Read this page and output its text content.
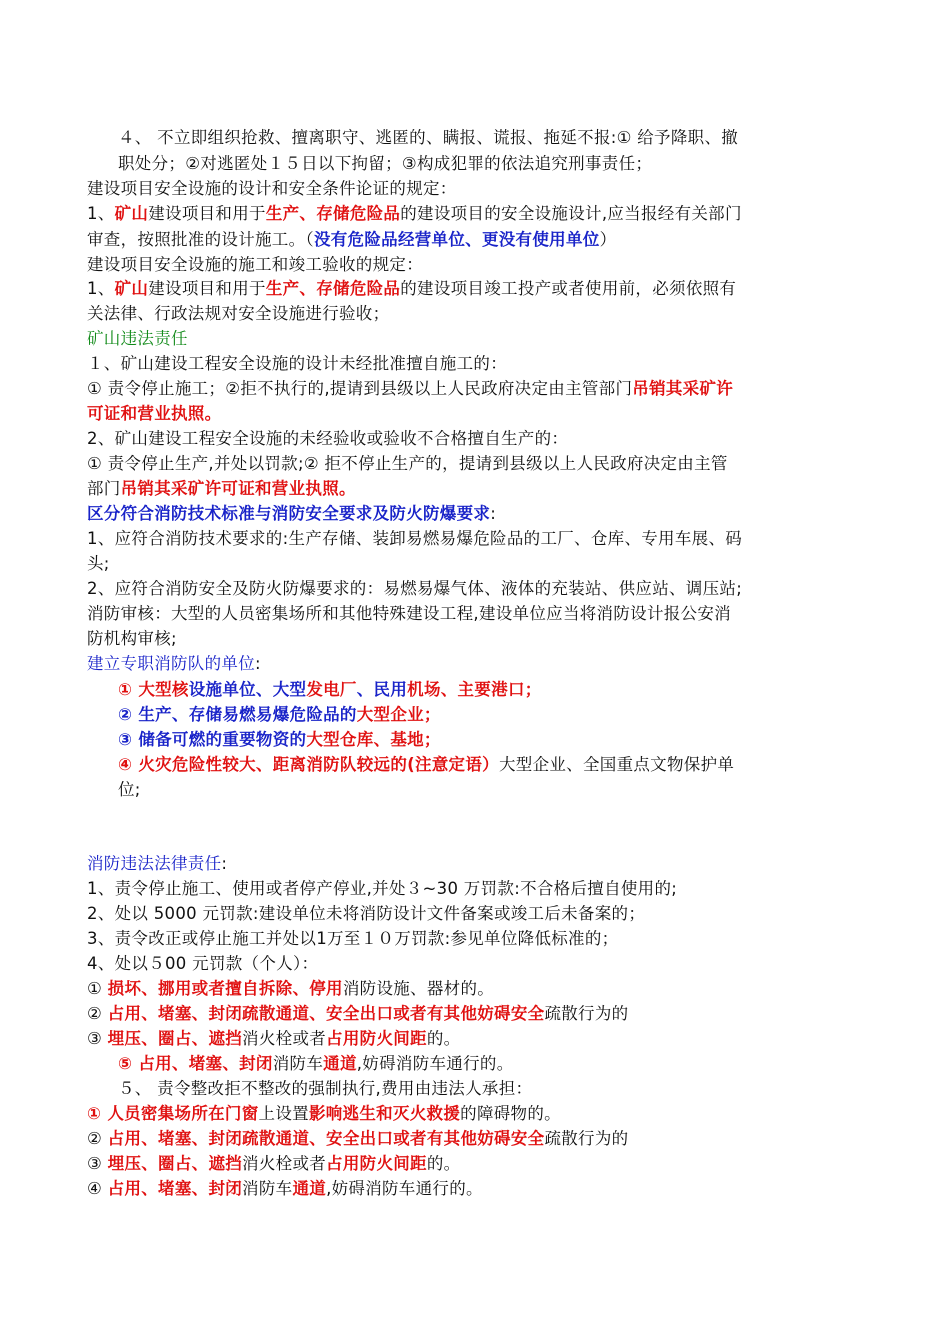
４、 不立即组织抢救、擅离职守、逃匿的、瞒报、谎报、拖延不报:① 给予降职、撤
职处分；②对逃匿处１５日以下拘留；③构成犯罪的依法追究刑事责任；
建设项目安全设施的设计和安全条件论证的规定：
1、矿山建设项目和用于生产、存储危险品的建设项目的安全设施设计,应当报经有关部门
审查，按照批准的设计施工。（没有危险品经营单位、更没有使用单位）
建设项目安全设施的施工和竣工验收的规定：
1、矿山建设项目和用于生产、存储危险品的建设项目竣工投产或者使用前，必须依照有
关法律、行政法规对安全设施进行验收；
矿山违法责任
１、矿山建设工程安全设施的设计未经批准擅自施工的：
① 责令停止施工；②拒不执行的,提请到县级以上人民政府决定由主管部门吊销其采矿许
可证和营业执照。
2、矿山建设工程安全设施的未经验收或验收不合格擅自生产的：
① 责令停止生产,并处以罚款;② 拒不停止生产的，提请到县级以上人民政府决定由主管
部门吊销其采矿许可证和营业执照。
区分符合消防技术标准与消防安全要求及防火防爆要求:
1、应符合消防技术要求的:生产存储、装卸易燃易爆危险品的工厂、仓库、专用车展、码
头;
2、应符合消防安全及防火防爆要求的：易燃易爆气体、液体的充装站、供应站、调压站;
消防审核：大型的人员密集场所和其他特殊建设工程,建设单位应当将消防设计报公安消
防机构审核;
建立专职消防队的单位:
① 大型核设施单位、大型发电厂、民用机场、主要港口；
② 生产、存储易燃易爆危险品的大型企业；
③ 储备可燃的重要物资的大型仓库、基地；
④ 火灾危险性较大、距离消防队较远的(注意定语）大型企业、全国重点文物保护单
位;
消防违法法律责任:
1、责令停止施工、使用或者停产停业,并处３~30 万罚款:不合格后擅自使用的;
2、处以 5000 元罚款:建设单位未将消防设计文件备案或竣工后未备案的；
3、责令改正或停止施工并处以1万至１０万罚款:参见单位降低标准的；
4、处以５00 元罚款（个人）：
① 损坏、挪用或者擅自拆除、停用消防设施、器材的。
② 占用、堵塞、封闭疏散通道、安全出口或者有其他妨碍安全疏散行为的
③ 埋压、圈占、遮挡消火栓或者占用防火间距的。
⑤ 占用、堵塞、封闭消防车通道,妨碍消防车通行的。
５、 责令整改拒不整改的强制执行,费用由违法人承担：
① 人员密集场所在门窗上设置影响逃生和灭火救援的障碍物的。
② 占用、堵塞、封闭疏散通道、安全出口或者有其他妨碍安全疏散行为的
③ 埋压、圈占、遮挡消火栓或者占用防火间距的。
④ 占用、堵塞、封闭消防车通道,妨碍消防车通行的。
